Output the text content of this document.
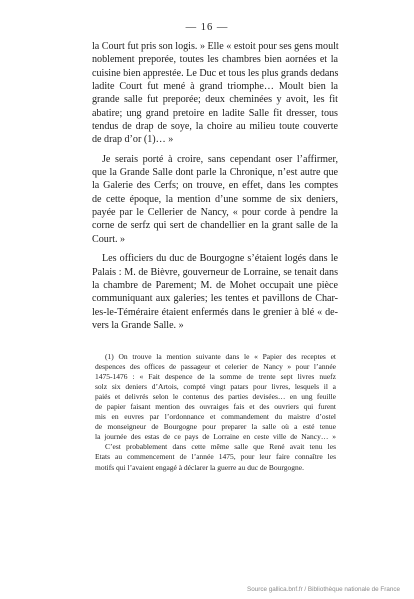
— 16 —
la Court fut pris son logis. » Elle « estoit pour ses gens moult
noblement preporée, toutes les chambres bien aornées et la
cuisine bien apprestée. Le Duc et tous les plus grands dedans
ladite Court fut mené à grand triomphe… Moult bien la
grande salle fut preporée; deux cheminées y avoit, les fit
abatire; ung grand pretoire en ladite Salle fit dresser, tous
tendus de drap de soye, la choire au milieu toute couverte
de drap d’or (1)… »
Je serais porté à croire, sans cependant oser l’affirmer,
que la Grande Salle dont parle la Chronique, n’est autre que
la Galerie des Cerfs; on trouve, en effet, dans les comptes
de cette époque, la mention d’une somme de six deniers,
payée par le Cellerier de Nancy, « pour corde à pendre la
corne de serfz qui sert de chandellier en la grant salle de la
Court. »
Les officiers du duc de Bourgogne s’étaient logés dans le
Palais : M. de Bièvre, gouverneur de Lorraine, se tenait dans
la chambre de Parement; M. de Mohet occupait une pièce
communiquant aux galeries; les tentes et pavillons de Char-
les-le-Téméraire étaient enfermés dans le grenier à blé « de-
vers la Grande Salle. »
(1) On trouve la mention suivante dans le « Papier des receptes et
despences des offices de passageur et celerier de Nancy » pour l’année
1475-1476 : « Fait despence de la somme de trente sept livres nuefz
solz six deniers d’Artois, compté vingt patars pour livres, lesquels il a
paiés et delivrés selon le contenus des parties devisées… en ung feuille
de papier faisant mention des ouvraiges fais et des ouvriers qui furent
mis en euvres par l’ordonnance et commandement du maistre d’ostel
de monseigneur de Bourgogne pour preparer la salle où a esté tenue
la journée des estas de ce pays de Lorraine en ceste ville de Nancy… »
C’est probablement dans cette même salle que René avait tenu les
Etats au commencement de l’année 1475, pour leur faire connaître les
motifs qui l’avaient engagé à déclarer la guerre au duc de Bourgogne.
Source gallica.bnf.fr / Bibliothèque nationale de France
